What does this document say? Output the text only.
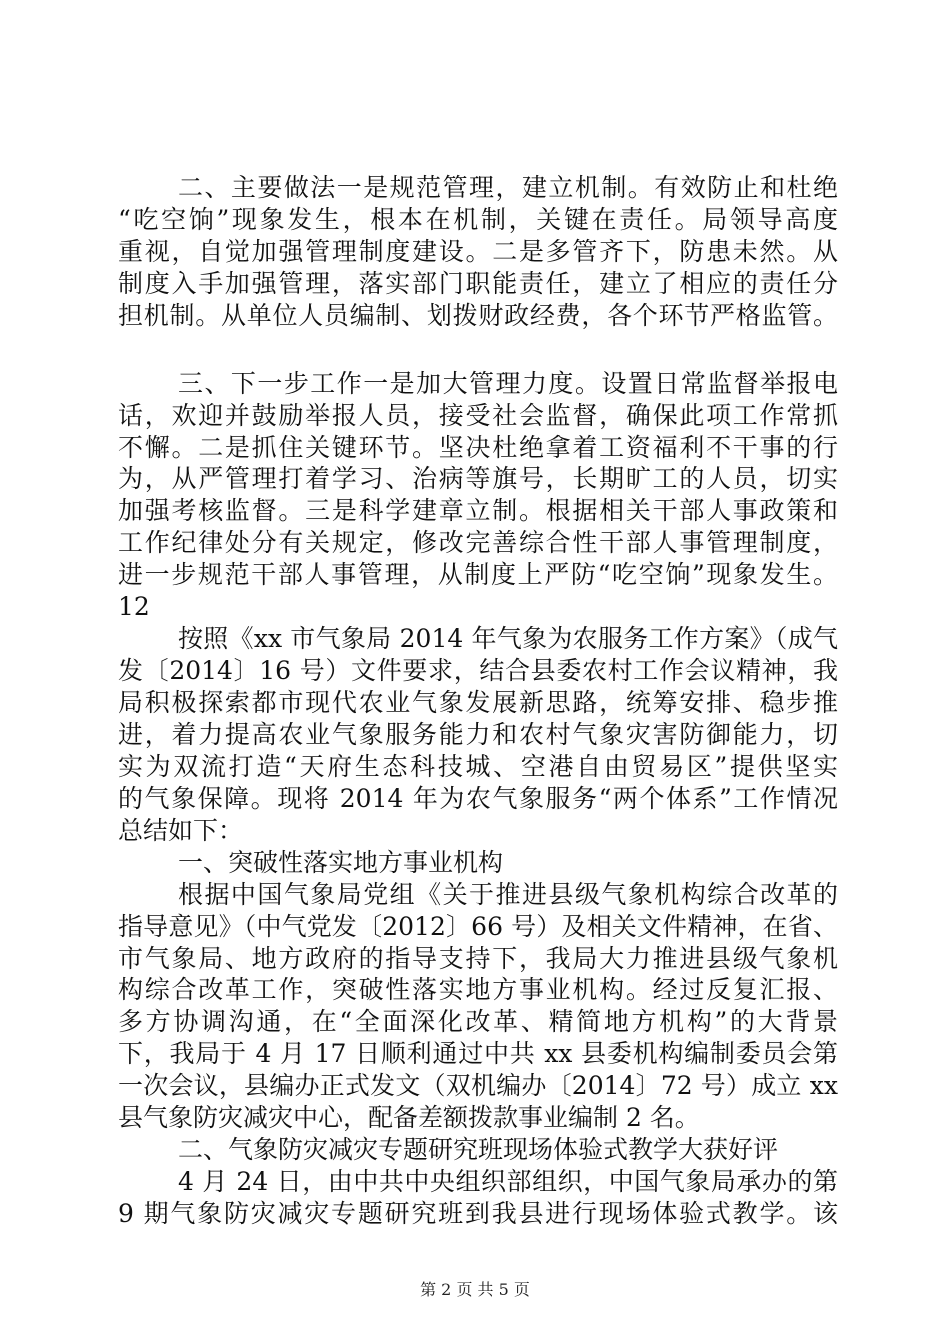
二、主要做法一是规范管理，建立机制。有效防止和杜绝
“吃空饷”现象发生，根本在机制，关键在责任。局领导高度
重视，自觉加强管理制度建设。二是多管齐下，防患未然。从
制度入手加强管理，落实部门职能责任，建立了相应的责任分
担机制。从单位人员编制、划拨财政经费，各个环节严格监管。
三、下一步工作一是加大管理力度。设置日常监督举报电
话，欢迎并鼓励举报人员，接受社会监督，确保此项工作常抓
不懈。二是抓住关键环节。坚决杜绝拿着工资福利不干事的行
为，从严管理打着学习、治病等旗号，长期旷工的人员，切实
加强考核监督。三是科学建章立制。根据相关干部人事政策和
工作纪律处分有关规定，修改完善综合性干部人事管理制度，
进一步规范干部人事管理，从制度上严防“吃空饷”现象发生。
12
按照《xx 市气象局 2014 年气象为农服务工作方案》（成气
发〔2014〕16 号）文件要求，结合县委农村工作会议精神，我
局积极探索都市现代农业气象发展新思路，统筹安排、稳步推
进，着力提高农业气象服务能力和农村气象灾害防御能力，切
实为双流打造“天府生态科技城、空港自由贸易区”提供坚实
的气象保障。现将 2014 年为农气象服务“两个体系”工作情况
总结如下：
一、突破性落实地方事业机构
根据中国气象局党组《关于推进县级气象机构综合改革的
指导意见》（中气党发〔2012〕66 号）及相关文件精神，在省、
市气象局、地方政府的指导支持下，我局大力推进县级气象机
构综合改革工作，突破性落实地方事业机构。经过反复汇报、
多方协调沟通，在“全面深化改革、精简地方机构”的大背景
下，我局于 4 月 17 日顺利通过中共 xx 县委机构编制委员会第
一次会议，县编办正式发文（双机编办〔2014〕72 号）成立 xx
县气象防灾减灾中心，配备差额拨款事业编制 2 名。
二、气象防灾减灾专题研究班现场体验式教学大获好评
4 月 24 日，由中共中央组织部组织，中国气象局承办的第
9 期气象防灾减灾专题研究班到我县进行现场体验式教学。该
第 2 页 共 5 页
